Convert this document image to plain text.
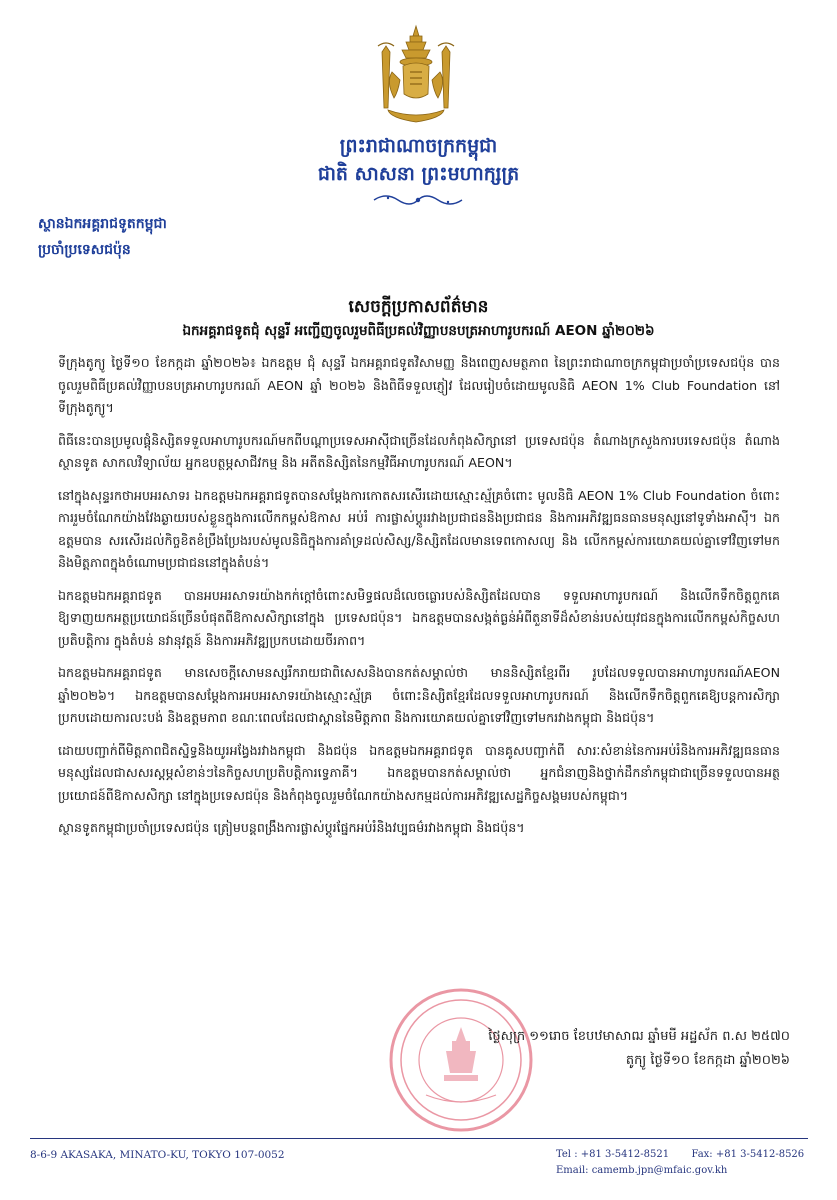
ព្រះរាជាណាចក្រកម្ពុជា
ជាតិ សាសនា ព្រះមហាក្សត្រ
ស្ថានឯកអគ្គរាជទូតកម្ពុជា
ប្រចាំប្រទេសជប៉ុន
សេចក្តីប្រកាសព័ត៌មាន
ឯកអគ្គរាជទូតជុំ សុន្ទរី អញ្ជើញចូលរួមពិធីប្រគល់វិញ្ញាបនបត្រអាហារូបករណ៍ AEON ឆ្នាំ២០២៦

ទីក្រុងតូក្យូ ថ្ងៃទី១០ ខែកក្កដា ឆ្នាំ២០២៦៖ ឯកឧត្តម ជុំ សុន្ទរី ឯកអគ្គរាជទូតវិសាមញ្ញ និងពេញសមត្ថភាព នៃព្រះរាជាណាចក្រកម្ពុជាប្រចាំប្រទេសជប៉ុន បានចូលរួមពិធីប្រគល់វិញ្ញាបនបត្រអាហារូបករណ៍ AEON ឆ្នាំ ២០២៦ និងពិធីទទួលភ្ញៀវ ដែលរៀបចំដោយមូលនិធិ AEON 1% Club Foundation នៅទីក្រុងតូក្យូ។

ពិធីនេះបានប្រមូលផ្តុំនិស្សិតទទួលអាហារូបករណ៍មកពីបណ្តាប្រទេសអាស៊ីជាច្រើនដែលកំពុងសិក្សានៅ ប្រទេសជប៉ុន តំណាងក្រសួងការបរទេសជប៉ុន តំណាងស្ថានទូត សាកលវិទ្យាល័យ អ្នកឧបត្ថម្ភសាជីវកម្ម និង អតីតនិស្សិតនៃកម្មវិធីអាហារូបករណ៍ AEON។

នៅក្នុងសុន្ទរកថាអបអរសាទរ ឯកឧត្តមឯកអគ្គរាជទូតបានសម្តែងការកោតសរសើរដោយស្មោះស្ម័គ្រចំពោះ មូលនិធិ AEON 1% Club Foundation ចំពោះការរួមចំណែកយ៉ាងវែងឆ្ងាយរបស់ខ្លួនក្នុងការលើកកម្ពស់ឱកាស អប់រំ ការផ្លាស់ប្តូររវាងប្រជាជននិងប្រជាជន និងការអភិវឌ្ឍធនធានមនុស្សនៅទូទាំងអាស៊ី។ ឯកឧត្តមបាន សរសើរដល់កិច្ចខិតខំប្រឹងប្រែងរបស់មូលនិធិក្នុងការគាំទ្រដល់សិស្ស/និស្សិតដែលមានទេពកោសល្យ និង លើកកម្ពស់ការយោគយល់គ្នាទៅវិញទៅមក និងមិត្តភាពក្នុងចំណោមប្រជាជននៅក្នុងតំបន់។

ឯកឧត្តមឯកអគ្គរាជទូត បានអបអរសាទរយ៉ាងកក់ក្តៅចំពោះសមិទ្ធផលដ៏លេចធ្លោរបស់និស្សិតដែលបាន ទទួលអាហារូបករណ៍ និងលើកទឹកចិត្តពួកគេឱ្យទាញយកអត្ថប្រយោជន៍ច្រើនបំផុតពីឱកាសសិក្សានៅក្នុង ប្រទេសជប៉ុន។ ឯកឧត្តមបានសង្កត់ធ្ងន់អំពីតួនាទីដ៏សំខាន់របស់យុវជនក្នុងការលើកកម្ពស់កិច្ចសហប្រតិបត្តិការ ក្នុងតំបន់ នវានុវត្តន៍ និងការអភិវឌ្ឍប្រកបដោយចីរភាព។

ឯកឧត្តមឯកអគ្គរាជទូត មានសេចក្តីសោមនស្សរីករាយជាពិសេសនិងបានកត់សម្គាល់ថា មាននិស្សិតខ្មែរពីរ រូបដែលទទួលបានអាហារូបករណ៍AEON ឆ្នាំ២០២៦។ ឯកឧត្តមបានសម្តែងការអបអរសាទរយ៉ាងស្មោះស្ម័គ្រ ចំពោះនិស្សិតខ្មែរដែលទទួលអាហារូបករណ៍ និងលើកទឹកចិត្តពួកគេឱ្យបន្តការសិក្សាប្រកបដោយការលះបង់ និងឧត្តមភាព ខណៈពេលដែលជាស្ពាននៃមិត្តភាព និងការយោគយល់គ្នាទៅវិញទៅមករវាងកម្ពុជា និងជប៉ុន។

ដោយបញ្ជាក់ពីមិត្តភាពជិតស្និទ្ធនិងយូរអង្វែងរវាងកម្ពុជា និងជប៉ុន ឯកឧត្តមឯកអគ្គរាជទូត បានគូសបញ្ជាក់ពី សារៈសំខាន់នៃការអប់រំនិងការអភិវឌ្ឍធនធានមនុស្សដែលជាសសរស្តម្ភសំខាន់ៗនៃកិច្ចសហប្រតិបត្តិការទ្វេភាគី។ ឯកឧត្តមបានកត់សម្គាល់ថា អ្នកជំនាញនិងថ្នាក់ដឹកនាំកម្ពុជាជាច្រើនទទួលបានអត្ថប្រយោជន៍ពីឱកាសសិក្សា នៅក្នុងប្រទេសជប៉ុន និងកំពុងចូលរួមចំណែកយ៉ាងសកម្មដល់ការអភិវឌ្ឍសេដ្ឋកិច្ចសង្គមរបស់កម្ពុជា។

ស្ថានទូតកម្ពុជាប្រចាំប្រទេសជប៉ុន ត្រៀមបន្តពង្រឹងការផ្លាស់ប្តូរផ្នែកអប់រំនិងវប្បធម៌រវាងកម្ពុជា និងជប៉ុន។

ថ្ងៃសុក្រ ១១រោច ខែបឋមាសាឍ ឆ្នាំមមី អដ្ឋស័ក ព.ស ២៥៧០
តូក្យូ ថ្ងៃទី១០ ខែកក្កដា ឆ្នាំ២០២៦
8-6-9 AKASAKA, MINATO-KU, TOKYO 107-0052	Tel : +81 3-5412-8521 Fax: +81 3-5412-8526
Email: camemb.jpn@mfaic.gov.kh
